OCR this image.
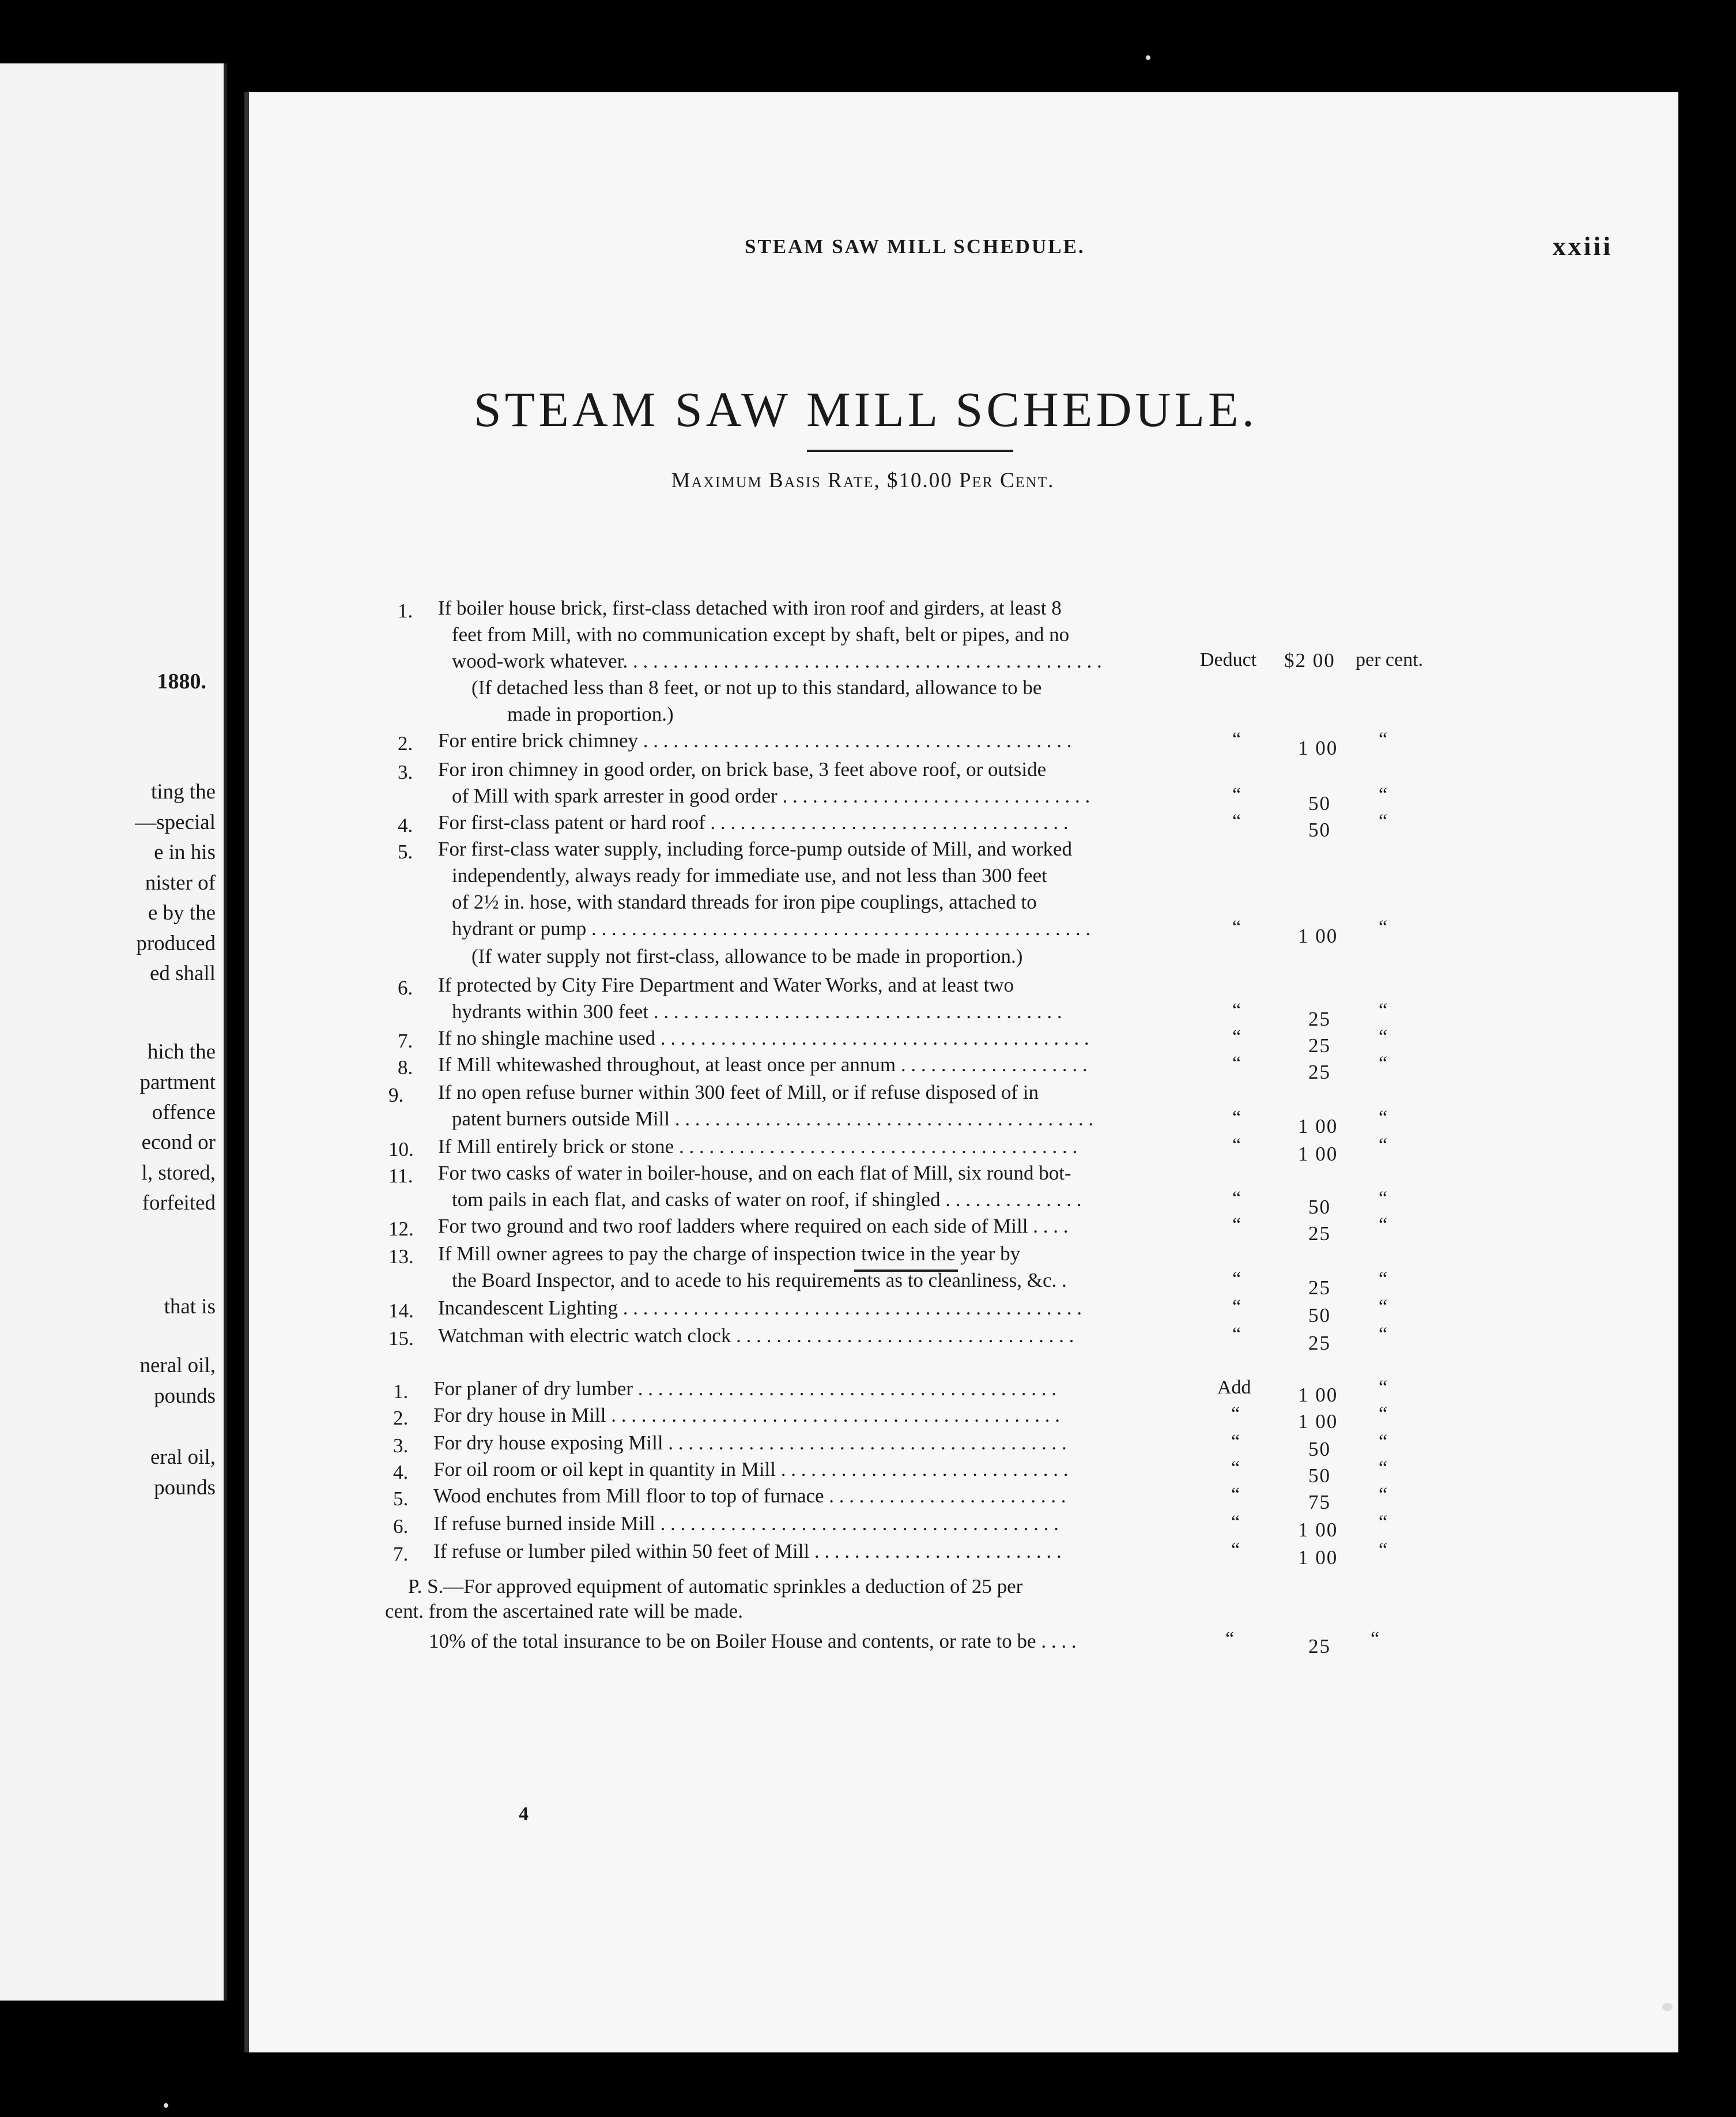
1880.
ting the
—special
e in his
nister of
e by the
produced
ed shall
hich the
partment
offence
econd or
l, stored,
forfeited
that is
neral oil,
pounds
eral oil,
pounds
STEAM SAW MILL SCHEDULE.	xxiii
STEAM SAW MILL SCHEDULE.
Maximum Basis Rate, $10.00 Per Cent.
1. If boiler house brick, first-class detached with iron roof and girders, at least 8
feet from Mill, with no communication except by shaft, belt or pipes, and no
wood-work whatever. . . . . . . . . . . . . . . . . . . . . . . . . . . . . . . . . . . . . . . . . . . . . . . .	Deduct $2 00 per cent.
(If detached less than 8 feet, or not up to this standard, allowance to be
made in proportion.)
2. For entire brick chimney . . . . . . . . . . . . . . . . . . . . . . . . . . . . . . . . . . . . . . . . . . .	“	1 00 “
3. For iron chimney in good order, on brick base, 3 feet above roof, or outside
of Mill with spark arrester in good order . . . . . . . . . . . . . . . . . . . . . . . . . . . . . . .	“	50 “
4. For first-class patent or hard roof . . . . . . . . . . . . . . . . . . . . . . . . . . . . . . . . . . . .	“	50 “
5. For first-class water supply, including force-pump outside of Mill, and worked
independently, always ready for immediate use, and not less than 300 feet
of 2½ in. hose, with standard threads for iron pipe couplings, attached to
hydrant or pump . . . . . . . . . . . . . . . . . . . . . . . . . . . . . . . . . . . . . . . . . . . . . . . . . .	“	1 00 “
(If water supply not first-class, allowance to be made in proportion.)
6. If protected by City Fire Department and Water Works, and at least two
hydrants within 300 feet . . . . . . . . . . . . . . . . . . . . . . . . . . . . . . . . . . . . . . . . .	“	25 “
7. If no shingle machine used . . . . . . . . . . . . . . . . . . . . . . . . . . . . . . . . . . . . . . . . . . .	“	25 “
8. If Mill whitewashed throughout, at least once per annum . . . . . . . . . . . . . . . . . . .	“	25 “
9. If no open refuse burner within 300 feet of Mill, or if refuse disposed of in
patent burners outside Mill . . . . . . . . . . . . . . . . . . . . . . . . . . . . . . . . . . . . . . . . . .	“	1 00 “
10. If Mill entirely brick or stone . . . . . . . . . . . . . . . . . . . . . . . . . . . . . . . . . . . . . . . .	“	1 00 “
11. For two casks of water in boiler-house, and on each flat of Mill, six round bot-
tom pails in each flat, and casks of water on roof, if shingled . . . . . . . . . . . . . .	“	50 “
12. For two ground and two roof ladders where required on each side of Mill . . . .	“	25 “
13. If Mill owner agrees to pay the charge of inspection twice in the year by
the Board Inspector, and to acede to his requirements as to cleanliness, &c. .	“	25 “
14. Incandescent Lighting . . . . . . . . . . . . . . . . . . . . . . . . . . . . . . . . . . . . . . . . . . . . . .	“	50 “
15. Watchman with electric watch clock . . . . . . . . . . . . . . . . . . . . . . . . . . . . . . . . . .	“	25 “
1. For planer of dry lumber . . . . . . . . . . . . . . . . . . . . . . . . . . . . . . . . . . . . . . . . . .	Add 1 00 “
2. For dry house in Mill . . . . . . . . . . . . . . . . . . . . . . . . . . . . . . . . . . . . . . . . . . . . .	“	1 00 “
3. For dry house exposing Mill . . . . . . . . . . . . . . . . . . . . . . . . . . . . . . . . . . . . . . . .	“	50 “
4. For oil room or oil kept in quantity in Mill . . . . . . . . . . . . . . . . . . . . . . . . . . . . .	“	50 “
5. Wood enchutes from Mill floor to top of furnace . . . . . . . . . . . . . . . . . . . . . . . .	“	75 “
6. If refuse burned inside Mill . . . . . . . . . . . . . . . . . . . . . . . . . . . . . . . . . . . . . . . .	“	1 00 “
7. If refuse or lumber piled within 50 feet of Mill . . . . . . . . . . . . . . . . . . . . . . . . .	“	1 00 “
P. S.—For approved equipment of automatic sprinkles a deduction of 25 per
cent. from the ascertained rate will be made.
10% of the total insurance to be on Boiler House and contents, or rate to be . . . .	“	25 “
4
